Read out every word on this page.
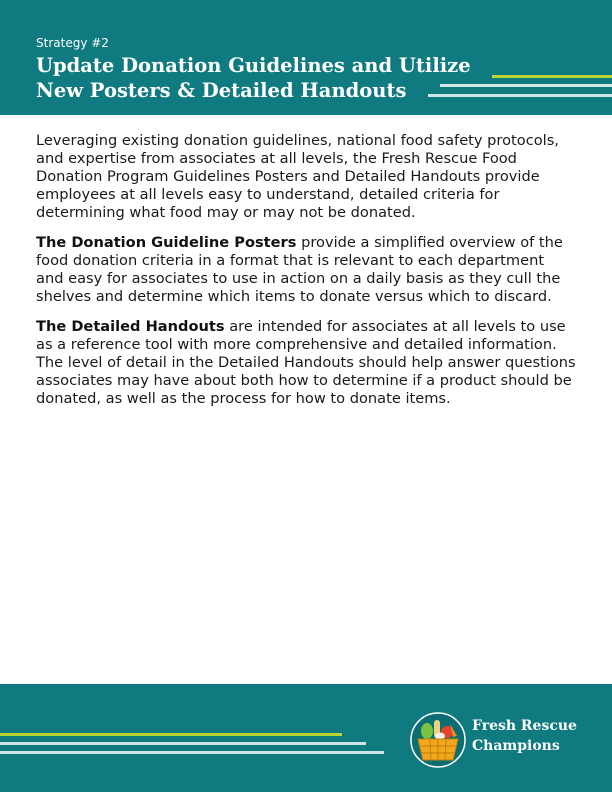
Strategy #2
Update Donation Guidelines and Utilize
New Posters & Detailed Handouts

Leveraging existing donation guidelines, national food safety protocols, and expertise from associates at all levels, the Fresh Rescue Food Donation Program Guidelines Posters and Detailed Handouts provide employees at all levels easy to understand, detailed criteria for determining what food may or may not be donated.

The Donation Guideline Posters provide a simplified overview of the food donation criteria in a format that is relevant to each department and easy for associates to use in action on a daily basis as they cull the shelves and determine which items to donate versus which to discard.

The Detailed Handouts are intended for associates at all levels to use as a reference tool with more comprehensive and detailed information. The level of detail in the Detailed Handouts should help answer questions associates may have about both how to determine if a product should be donated, as well as the process for how to donate items.

Fresh Rescue
Champions
